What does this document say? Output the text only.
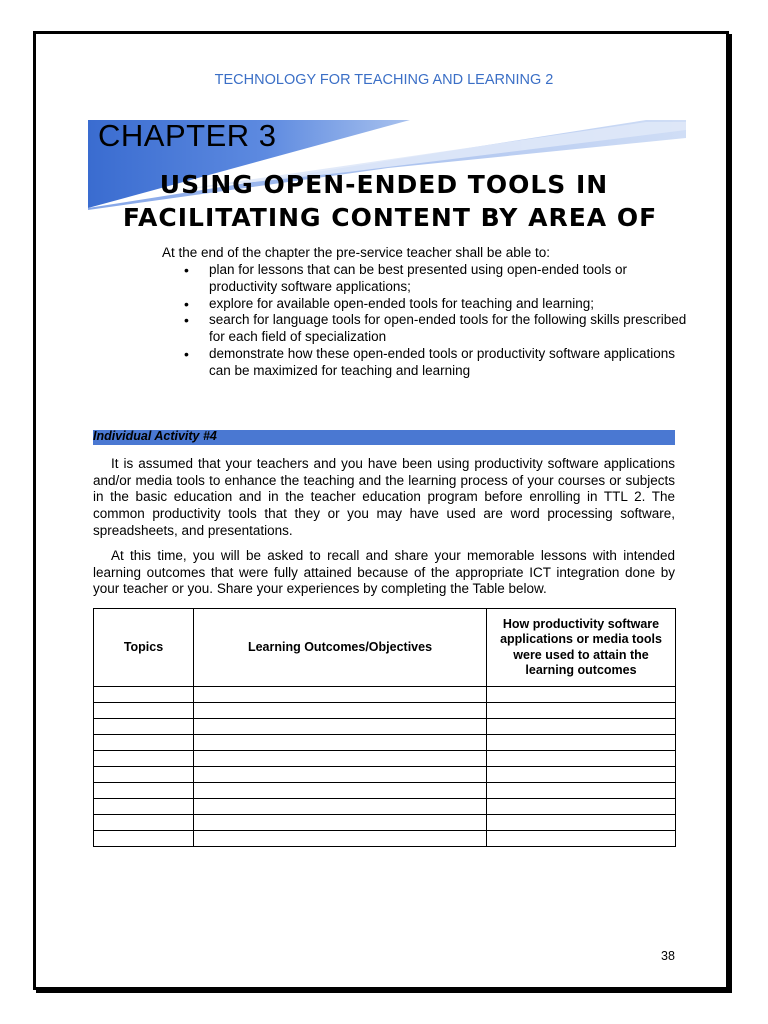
TECHNOLOGY FOR TEACHING AND LEARNING 2
CHAPTER 3
USING OPEN-ENDED TOOLS IN
FACILITATING CONTENT BY AREA OF
At the end of the chapter the pre-service teacher shall be able to:
• plan for lessons that can be best presented using open-ended tools or
productivity software applications;
• explore for available open-ended tools for teaching and learning;
• search for language tools for open-ended tools for the following skills prescribed
for each field of specialization
• demonstrate how these open-ended tools or productivity software applications
can be maximized for teaching and learning
Individual Activity #4

It is assumed that your teachers and you have been using productivity software applications and/or media tools to enhance the teaching and the learning process of your courses or subjects in the basic education and in the teacher education program before enrolling in TTL 2. The common productivity tools that they or you may have used are word processing software, spreadsheets, and presentations.

At this time, you will be asked to recall and share your memorable lessons with intended learning outcomes that were fully attained because of the appropriate ICT integration done by your teacher or you. Share your experiences by completing the Table below.

Topics	Learning Outcomes/Objectives	How productivity software applications or media tools were used to attain the learning outcomes

38
